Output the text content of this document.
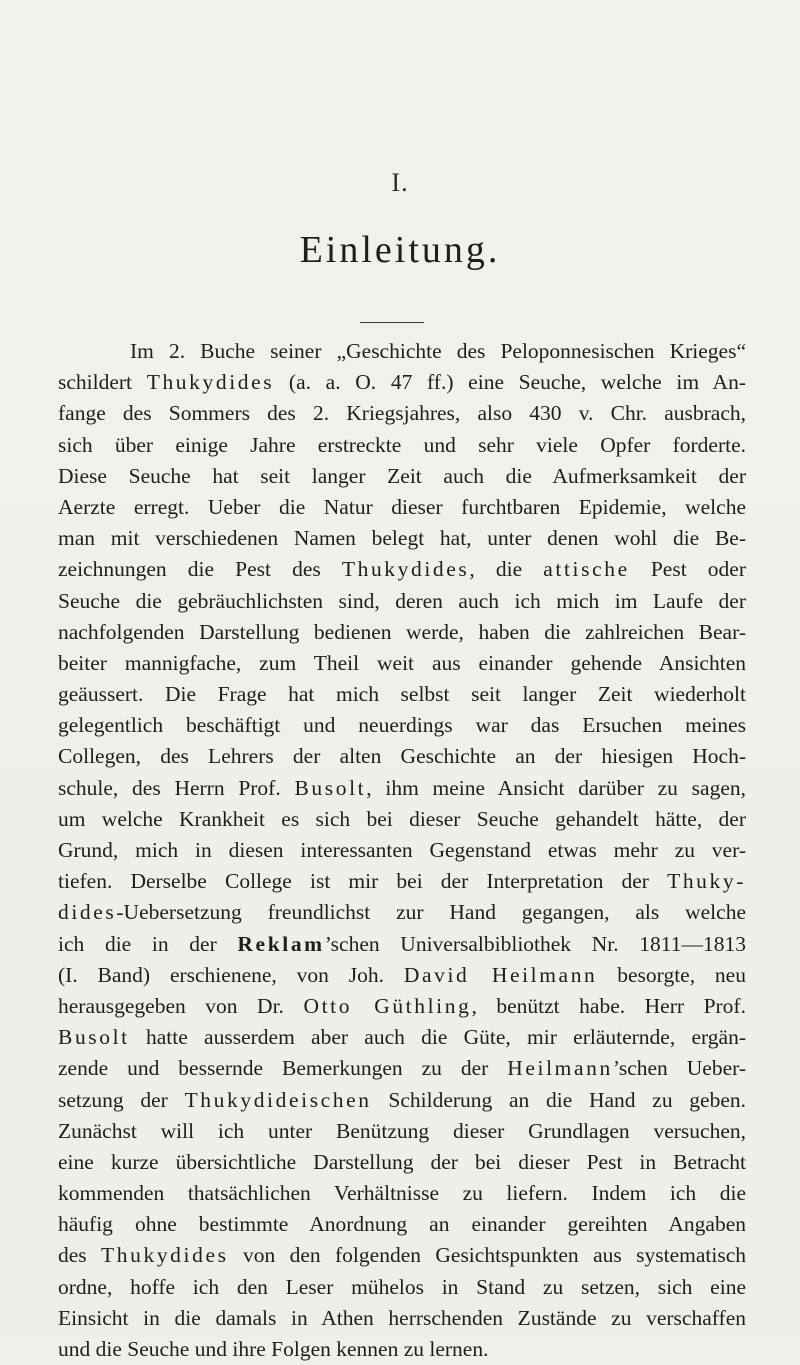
I.
Einleitung.
Im 2. Buche seiner „Geschichte des Peloponnesischen Krieges“
schildert Thukydides (a. a. O. 47 ff.) eine Seuche, welche im An-
fange des Sommers des 2. Kriegsjahres, also 430 v. Chr. ausbrach,
sich über einige Jahre erstreckte und sehr viele Opfer forderte.
Diese Seuche hat seit langer Zeit auch die Aufmerksamkeit der
Aerzte erregt. Ueber die Natur dieser furchtbaren Epidemie, welche
man mit verschiedenen Namen belegt hat, unter denen wohl die Be-
zeichnungen die Pest des Thukydides, die attische Pest oder
Seuche die gebräuchlichsten sind, deren auch ich mich im Laufe der
nachfolgenden Darstellung bedienen werde, haben die zahlreichen Bear-
beiter mannigfache, zum Theil weit aus einander gehende Ansichten
geäussert. Die Frage hat mich selbst seit langer Zeit wiederholt
gelegentlich beschäftigt und neuerdings war das Ersuchen meines
Collegen, des Lehrers der alten Geschichte an der hiesigen Hoch-
schule, des Herrn Prof. Busolt, ihm meine Ansicht darüber zu sagen,
um welche Krankheit es sich bei dieser Seuche gehandelt hätte, der
Grund, mich in diesen interessanten Gegenstand etwas mehr zu ver-
tiefen. Derselbe College ist mir bei der Interpretation der Thuky-
dides-Uebersetzung freundlichst zur Hand gegangen, als welche
ich die in der Reklam’schen Universalbibliothek Nr. 1811—1813
(I. Band) erschienene, von Joh. David Heilmann besorgte, neu
herausgegeben von Dr. Otto Güthling, benützt habe. Herr Prof.
Busolt hatte ausserdem aber auch die Güte, mir erläuternde, ergän-
zende und bessernde Bemerkungen zu der Heilmann’schen Ueber-
setzung der Thukydideischen Schilderung an die Hand zu geben.
Zunächst will ich unter Benützung dieser Grundlagen versuchen,
eine kurze übersichtliche Darstellung der bei dieser Pest in Betracht
kommenden thatsächlichen Verhältnisse zu liefern. Indem ich die
häufig ohne bestimmte Anordnung an einander gereihten Angaben
des Thukydides von den folgenden Gesichtspunkten aus systematisch
ordne, hoffe ich den Leser mühelos in Stand zu setzen, sich eine
Einsicht in die damals in Athen herrschenden Zustände zu verschaffen
und die Seuche und ihre Folgen kennen zu lernen.
